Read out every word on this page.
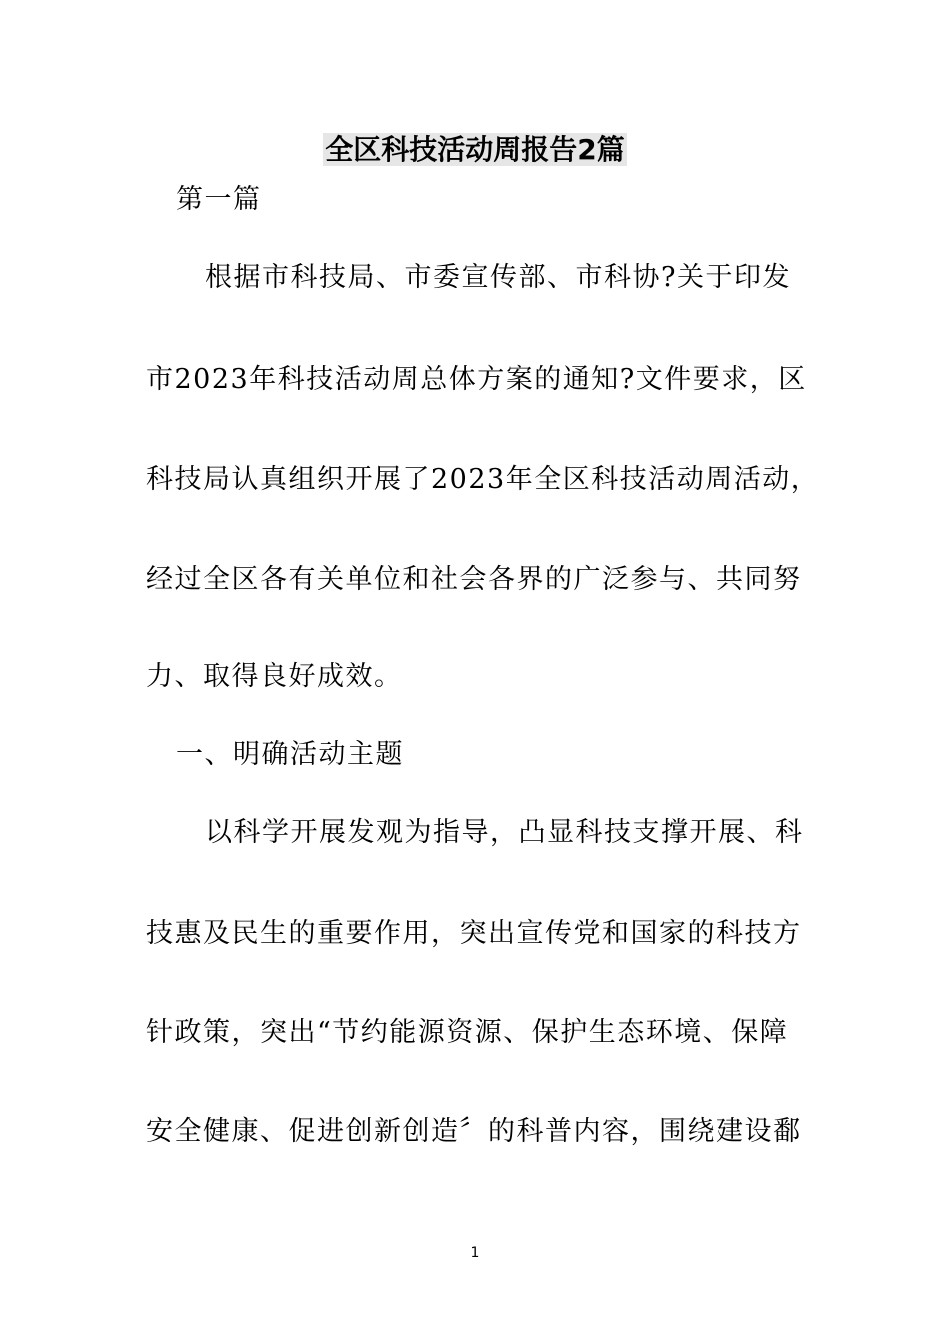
全区科技活动周报告2篇
第一篇
根据市科技局、市委宣传部、市科协?关于印发
市2023年科技活动周总体方案的通知?文件要求，区
科技局认真组织开展了2023年全区科技活动周活动，
经过全区各有关单位和社会各界的广泛参与、共同努
力、取得良好成效。
一、明确活动主题
以科学开展发观为指导，凸显科技支撑开展、科
技惠及民生的重要作用，突出宣传党和国家的科技方
针政策，突出“节约能源资源、保护生态环境、保障
安全健康、促进创新创造〞的科普内容，围绕建设鄱
1
